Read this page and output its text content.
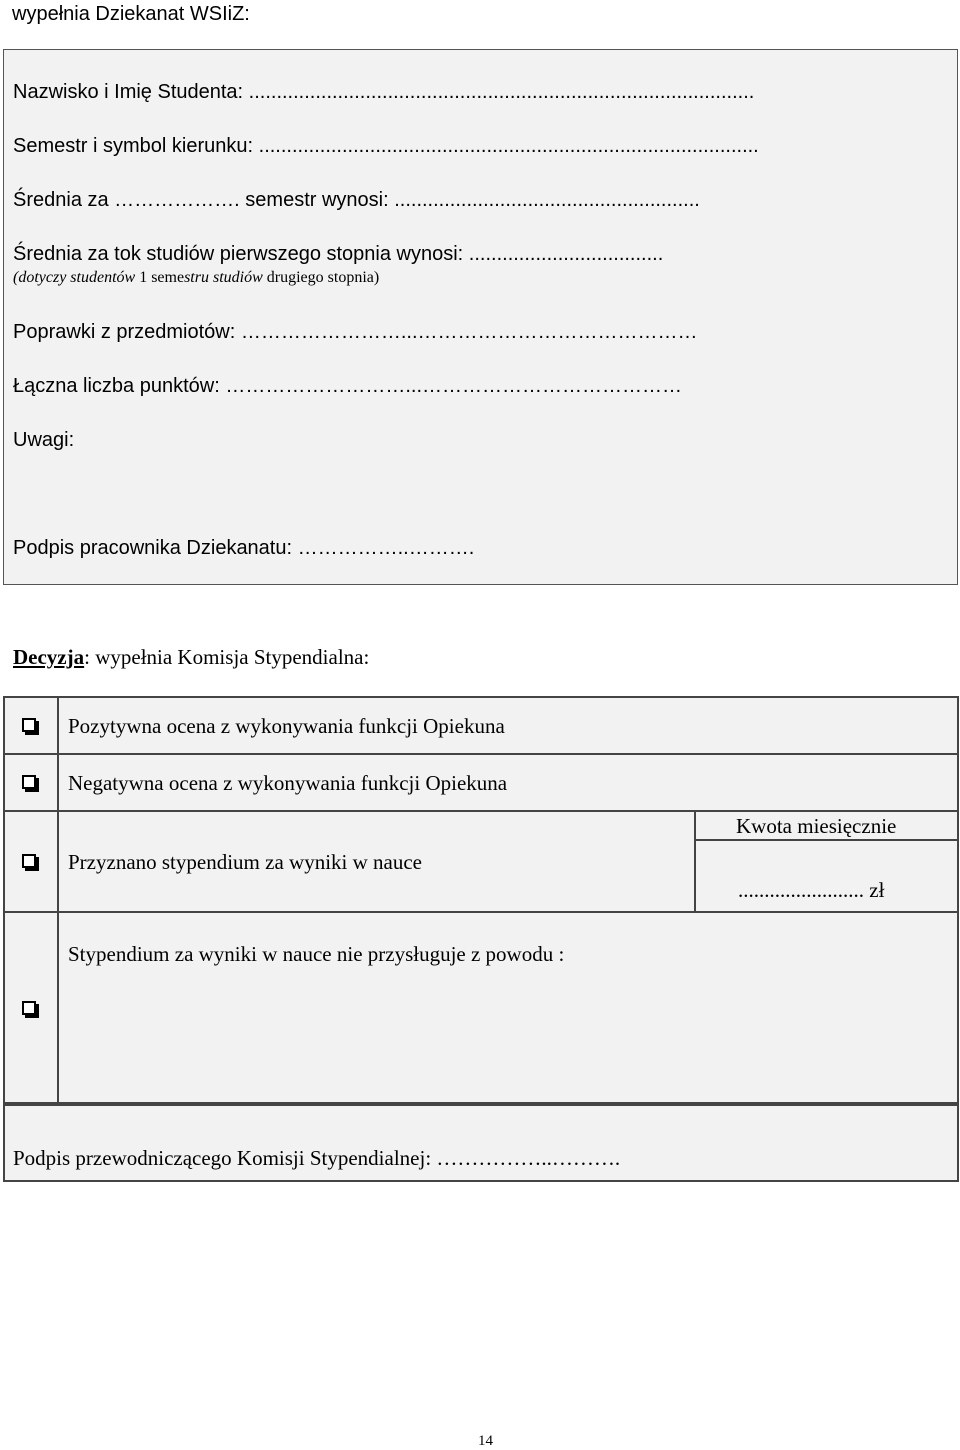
wypełnia Dziekanat WSIiZ:
Nazwisko i Imię Studenta: ...........................................................................................
Semestr i symbol kierunku: ..........................................................................................
Średnia za ………………. semestr wynosi: .......................................................
Średnia za tok studiów pierwszego stopnia wynosi: ...................................
(dotyczy studentów 1 semestru studiów drugiego stopnia)
Poprawki z przedmiotów: ……………………...……………………………………
Łączna liczba punktów: ………………………...…………………………………
Uwagi:
Podpis pracownika Dziekanatu: ……………..……….
Decyzja: wypełnia Komisja Stypendialna:
Pozytywna ocena z wykonywania funkcji Opiekuna
Negatywna ocena z wykonywania funkcji Opiekuna
Przyznano stypendium za wyniki w nauce
Kwota miesięcznie
........................ zł
Stypendium za wyniki w nauce nie przysługuje z powodu :
Podpis przewodniczącego Komisji Stypendialnej: ……………..……….
14
